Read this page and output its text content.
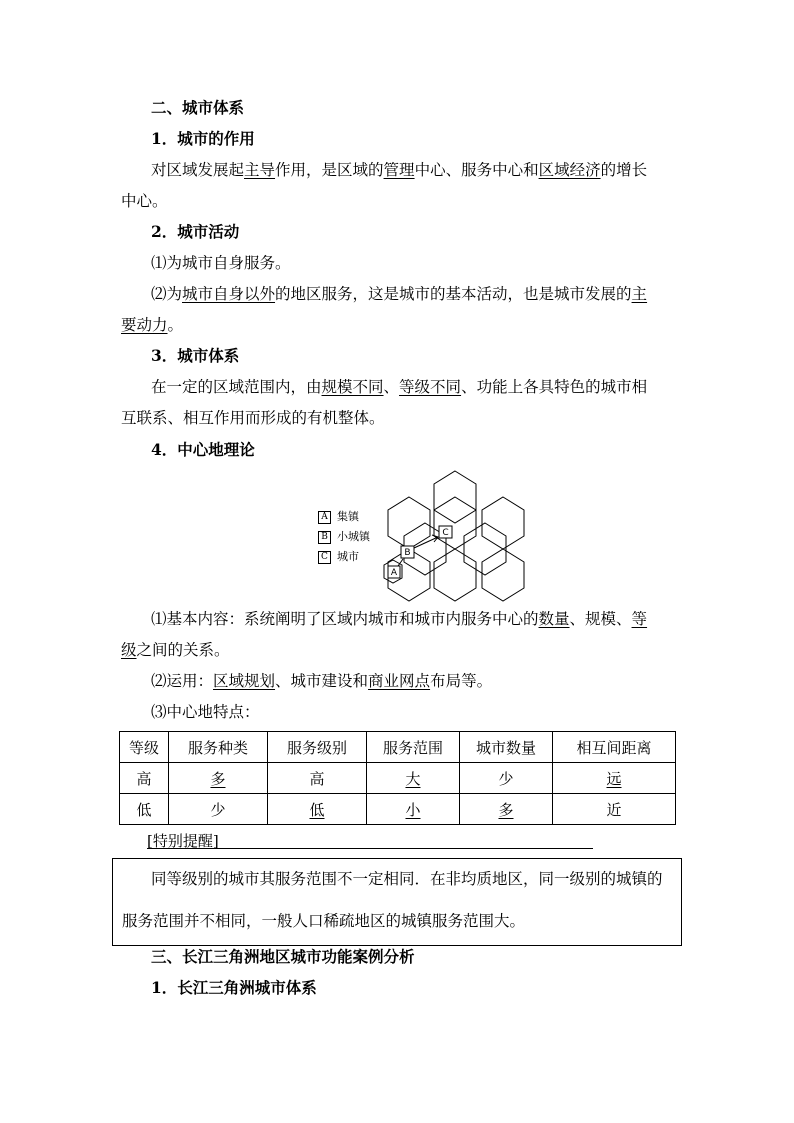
二、城市体系
1．城市的作用
对区域发展起主导作用，是区域的管理中心、服务中心和区域经济的增长
中心。
2．城市活动
⑴为城市自身服务。
⑵为城市自身以外的地区服务，这是城市的基本活动，也是城市发展的主
要动力。
3．城市体系
在一定的区域范围内，由规模不同、等级不同、功能上各具特色的城市相
互联系、相互作用而形成的有机整体。
4．中心地理论
A 集镇
B 小城镇
C 城市
C
B
A
⑴基本内容：系统阐明了区域内城市和城市内服务中心的数量、规模、等
级之间的关系。
⑵运用：区域规划、城市建设和商业网点布局等。
⑶中心地特点：
等级	服务种类	服务级别	服务范围	城市数量	相互间距离
高	多	高	大	少	远
低	少	低	小	多	近
[特别提醒]
同等级别的城市其服务范围不一定相同．在非均质地区，同一级别的城镇的
服务范围并不相同，一般人口稀疏地区的城镇服务范围大。
三、长江三角洲地区城市功能案例分析
1．长江三角洲城市体系
